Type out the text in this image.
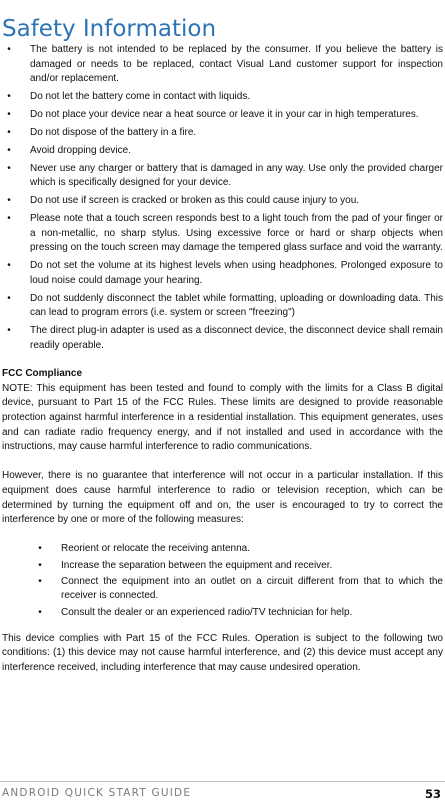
Safety Information
•	The battery is not intended to be replaced by the consumer. If you believe the battery is damaged or needs to be replaced, contact Visual Land customer support for inspection and/or replacement.
•	Do not let the battery come in contact with liquids.
•	Do not place your device near a heat source or leave it in your car in high temperatures.
•	Do not dispose of the battery in a fire.
•	Avoid dropping device.
•	Never use any charger or battery that is damaged in any way. Use only the provided charger which is specifically designed for your device.
•	Do not use if screen is cracked or broken as this could cause injury to you.
•	Please note that a touch screen responds best to a light touch from the pad of your finger or a non-metallic, no sharp stylus. Using excessive force or hard or sharp objects when pressing on the touch screen may damage the tempered glass surface and void the warranty.
•	Do not set the volume at its highest levels when using headphones. Prolonged exposure to loud noise could damage your hearing.
•	Do not suddenly disconnect the tablet while formatting, uploading or downloading data. This can lead to program errors (i.e. system or screen "freezing")
•	The direct plug-in adapter is used as a disconnect device, the disconnect device shall remain readily operable.
FCC Compliance

NOTE: This equipment has been tested and found to comply with the limits for a Class B digital device, pursuant to Part 15 of the FCC Rules. These limits are designed to provide reasonable protection against harmful interference in a residential installation. This equipment generates, uses and can radiate radio frequency energy, and if not installed and used in accordance with the instructions, may cause harmful interference to radio communications.

However, there is no guarantee that interference will not occur in a particular installation. If this equipment does cause harmful interference to radio or television reception, which can be determined by turning the equipment off and on, the user is encouraged to try to correct the interference by one or more of the following measures:

•	Reorient or relocate the receiving antenna.
•	Increase the separation between the equipment and receiver.
•	Connect the equipment into an outlet on a circuit different from that to which the receiver is connected.
•	Consult the dealer or an experienced radio/TV technician for help.

This device complies with Part 15 of the FCC Rules. Operation is subject to the following two conditions: (1) this device may not cause harmful interference, and (2) this device must accept any interference received, including interference that may cause undesired operation.

ANDROID QUICK START GUIDE	53
